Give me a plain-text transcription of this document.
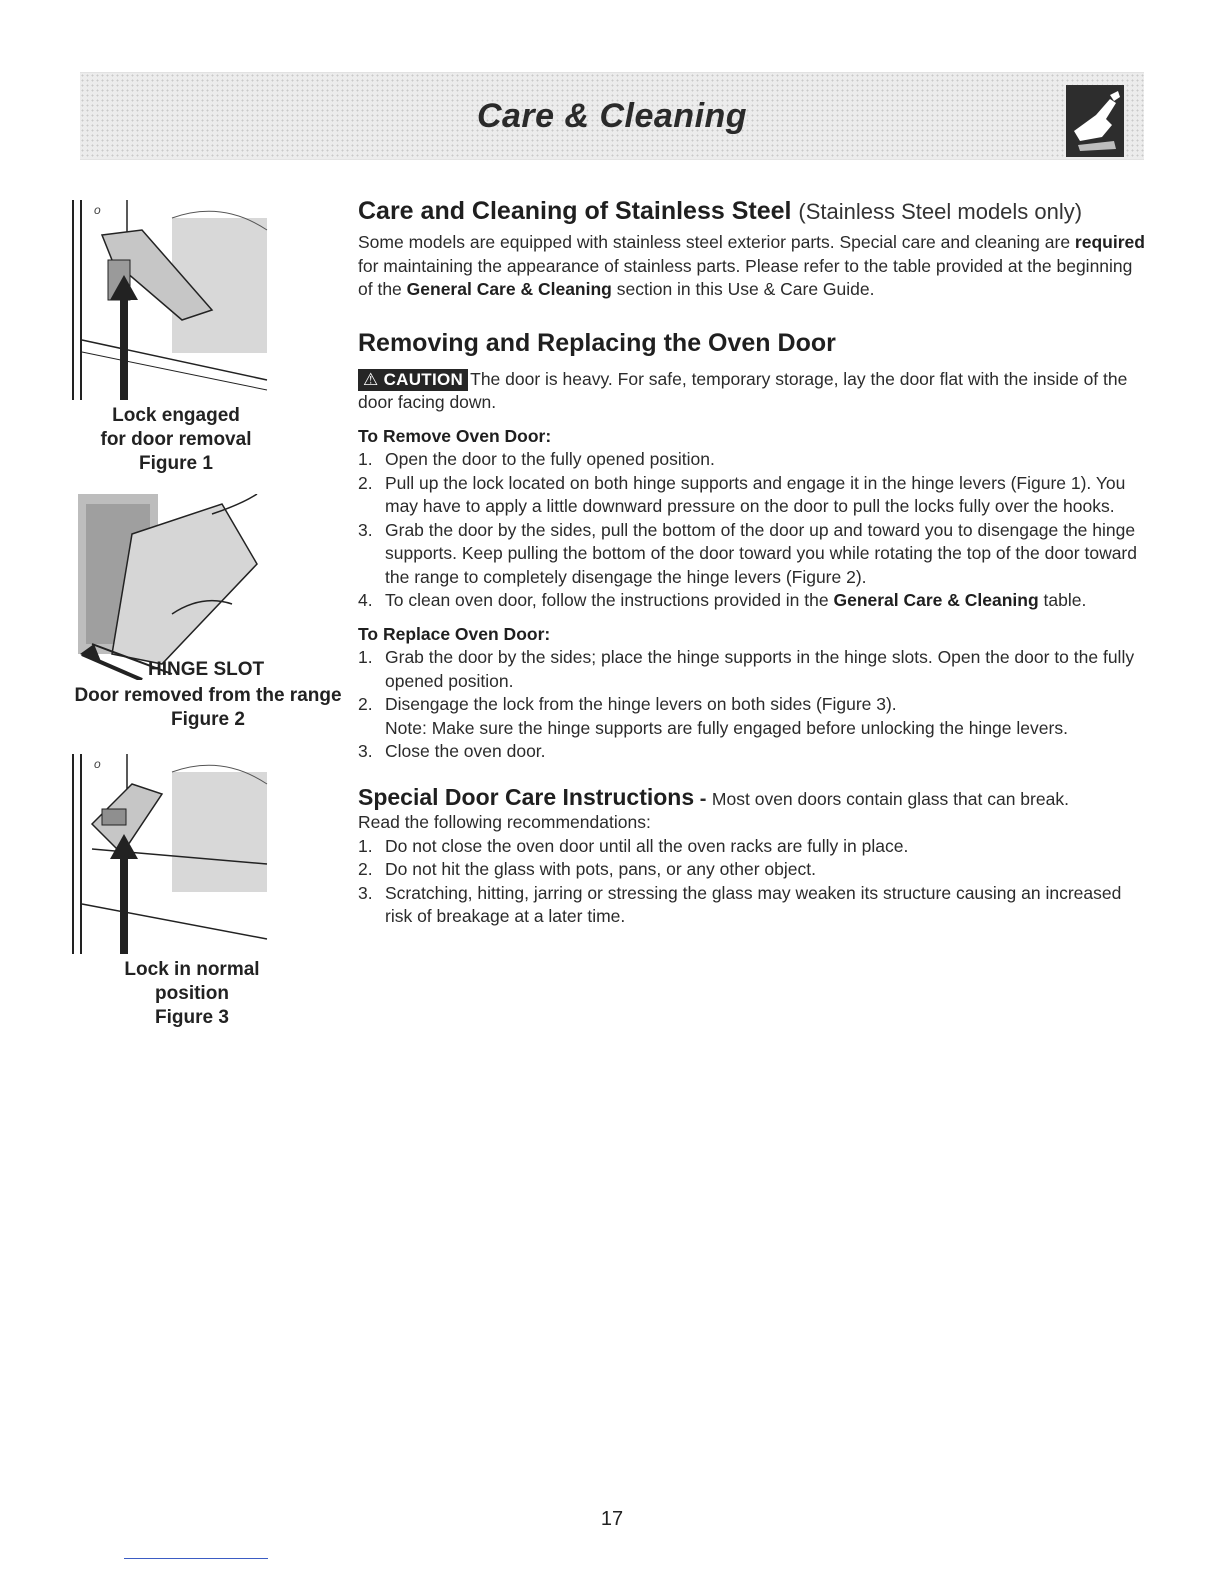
Care & Cleaning
o
Lock engaged
for door removal
Figure 1
HINGE SLOT
Door removed from the range
Figure 2
o
Lock in normal
position
Figure 3
Care and Cleaning of Stainless Steel (Stainless Steel models only)

Some models are equipped with stainless steel exterior parts. Special care and cleaning are required for maintaining the appearance of stainless parts. Please refer to the table provided at the beginning of the General Care & Cleaning section in this Use & Care Guide.

Removing and Replacing the Oven Door

⚠ CAUTION The door is heavy. For safe, temporary storage, lay the door flat with the inside of the door facing down.

To Remove Oven Door:
1. Open the door to the fully opened position.
2. Pull up the lock located on both hinge supports and engage it in the hinge levers (Figure 1). You may have to apply a little downward pressure on the door to pull the locks fully over the hooks.
3. Grab the door by the sides, pull the bottom of the door up and toward you to disengage the hinge supports. Keep pulling the bottom of the door toward you while rotating the top of the door toward the range to completely disengage the hinge levers (Figure 2).
4. To clean oven door, follow the instructions provided in the General Care & Cleaning table.
To Replace Oven Door:
1. Grab the door by the sides; place the hinge supports in the hinge slots. Open the door to the fully opened position.
2. Disengage the lock from the hinge levers on both sides (Figure 3).
Note: Make sure the hinge supports are fully engaged before unlocking the hinge levers.
3. Close the oven door.

Special Door Care Instructions - Most oven doors contain glass that can break.

Read the following recommendations:

1. Do not close the oven door until all the oven racks are fully in place.
2. Do not hit the glass with pots, pans, or any other object.
3. Scratching, hitting, jarring or stressing the glass may weaken its structure causing an increased risk of breakage at a later time.
17
